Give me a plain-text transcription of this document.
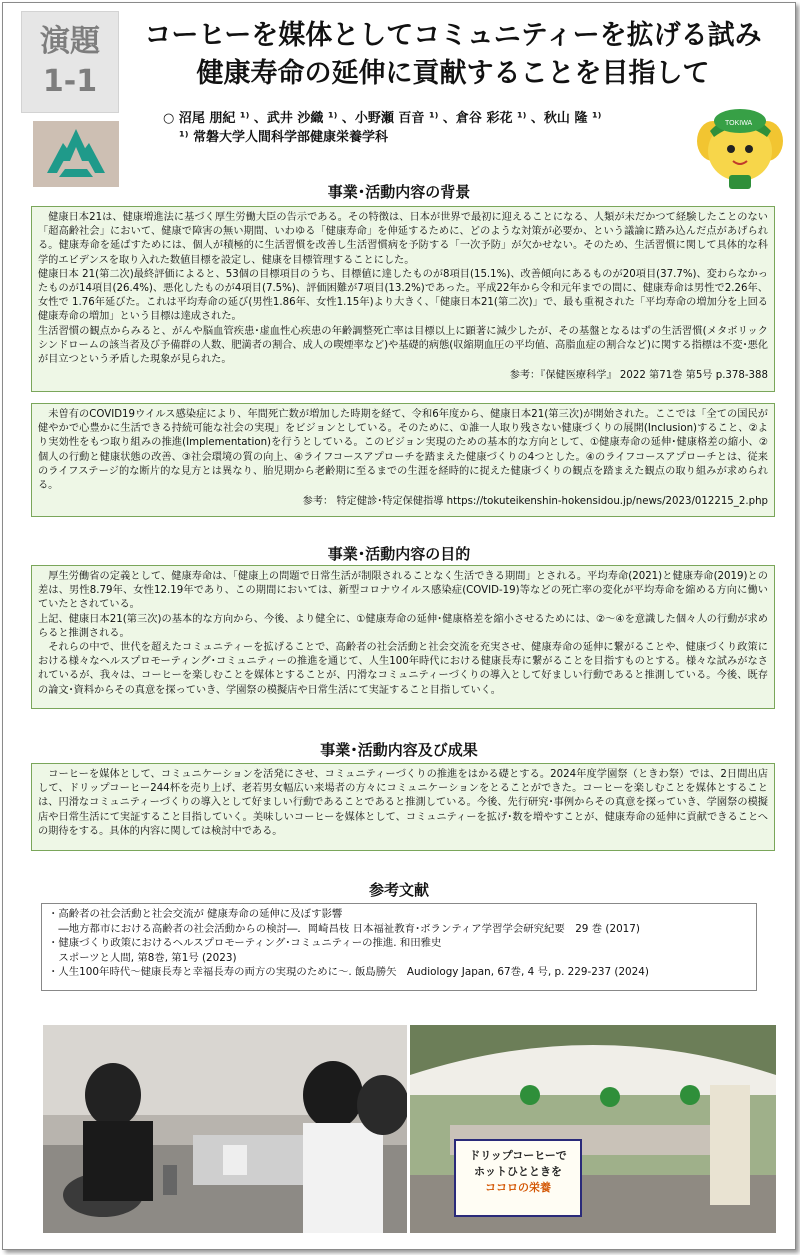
演題
1-1
コーヒーを媒体としてコミュニティーを拡げる試み
健康寿命の延伸に貢献することを目指して
○ 沼尾 朋紀 ¹⁾ 、武井 沙織 ¹⁾ 、小野瀬 百音 ¹⁾ 、倉谷 彩花 ¹⁾ 、秋山 隆 ¹⁾
¹⁾ 常磐大学人間科学部健康栄養学科
TOKIWA
事業･活動内容の背景

健康日本21は、健康増進法に基づく厚生労働大臣の告示である。その特徴は、日本が世界で最初に迎えることになる、人類が未だかつて経験したことのない「超高齢社会」において、健康で障害の無い期間、いわゆる「健康寿命」を伸延するために、どのような対策が必要か、という議論に踏み込んだ点があげられる。健康寿命を延ばすためには、個人が積極的に生活習慣を改善し生活習慣病を予防する「一次予防」が欠かせない。そのため、生活習慣に関して具体的な科学的エビデンスを取り入れた数値目標を設定し、健康を目標管理することにした。

健康日本 21(第二次)最終評価によると、53個の目標項目のうち、目標値に達したものが8項目(15.1%)、改善傾向にあるものが20項目(37.7%)、変わらなかったものが14項目(26.4%)、悪化したものが4項目(7.5%)、評価困難が7項目(13.2%)であった。平成22年から令和元年までの間に、健康寿命は男性で2.26年、女性で 1.76年延びた。これは平均寿命の延び(男性1.86年、女性1.15年)より大きく、「健康日本21(第二次)」で、最も重視された「平均寿命の増加分を上回る健康寿命の増加」という目標は達成された。

生活習慣の観点からみると、がんや脳血管疾患･虚血性心疾患の年齢調整死亡率は目標以上に顕著に減少したが、その基盤となるはずの生活習慣(メタボリックシンドロームの該当者及び予備群の人数、肥満者の割合、成人の喫煙率など)や基礎的病態(収縮期血圧の平均値、高脂血症の割合など)に関する指標は不変･悪化が目立つという矛盾した現象が見られた。

参考：『保健医療科学』 2022 第71巻 第5号 p.378-388

未曽有のCOVID19ウイルス感染症により、年間死亡数が増加した時期を経て、令和6年度から、健康日本21(第三次)が開始された。ここでは「全ての国民が健やかで心豊かに生活できる持続可能な社会の実現」をビジョンとしている。そのために、①誰一人取り残さない健康づくりの展開(Inclusion)すること、②より実効性をもつ取り組みの推進(Implementation)を行うとしている。このビジョン実現のための基本的な方向として、①健康寿命の延伸･健康格差の縮小、②個人の行動と健康状態の改善、③社会環境の質の向上、④ライフコースアプローチを踏まえた健康づくりの4つとした。④のライフコースアプローチとは、従来のライフステージ的な断片的な見方とは異なり、胎児期から老齢期に至るまでの生涯を経時的に捉えた健康づくりの観点を踏まえた観点の取り組みが求められる。

参考： 特定健診･特定保健指導 https://tokuteikenshin-hokensidou.jp/news/2023/012215_2.php

事業･活動内容の目的

厚生労働省の定義として、健康寿命は、「健康上の問題で日常生活が制限されることなく生活できる期間」とされる。平均寿命(2021)と健康寿命(2019)との差は、男性8.79年、女性12.19年であり、この期間においては、新型コロナウイルス感染症(COVID-19)等などの死亡率の変化が平均寿命を縮める方向に働いていたとされている。

上記、健康日本21(第三次)の基本的な方向から、今後、より健全に、①健康寿命の延伸･健康格差を縮小させるためには、②～④を意識した個々人の行動が求めらると推測される。

それらの中で、世代を超えたコミュニティーを拡げることで、高齢者の社会活動と社会交流を充実させ、健康寿命の延伸に繋がることや、健康づくり政策における様々なヘルスプロモーティング･コミュニティーの推進を通じて、人生100年時代における健康長寿に繋がることを目指すものとする。様々な試みがなされているが、我々は、コーヒーを楽しむことを媒体とすることが、円滑なコミュニティーづくりの導入として好ましい行動であると推測している。今後、既存の論文･資料からその真意を探っていき、学園祭の模擬店や日常生活にて実証すること目指していく。

事業･活動内容及び成果

コーヒーを媒体として、コミュニケーションを活発にさせ、コミュニティーづくりの推進をはかる礎とする。2024年度学園祭（ときわ祭）では、2日間出店して、ドリップコーヒー244杯を売り上げ、老若男女幅広い来場者の方々にコミュニケーションをとることができた。コーヒーを楽しむことを媒体とすることは、円滑なコミュニティーづくりの導入として好ましい行動であることであると推測している。今後、先行研究･事例からその真意を探っていき、学園祭の模擬店や日常生活にて実証すること目指していく。美味しいコーヒーを媒体として、コミュニティーを拡げ･数を増やすことが、健康寿命の延伸に貢献できることへの期待をする。具体的内容に関しては検討中である。

参考文献

・高齢者の社会活動と社会交流が 健康寿命の延伸に及ぼす影響

　―地方都市における高齢者の社会活動からの検討―．岡崎昌枝 日本福祉教育･ボランティア学習学会研究紀要　29 巻 (2017)

・健康づくり政策におけるヘルスプロモーティング･コミュニティーの推進. 和田雅史

　スポーツと人間, 第8巻, 第1号 (2023)

・人生100年時代～健康長寿と幸福長寿の両方の実現のために～. 飯島勝矢　Audiology Japan, 67巻, 4 号, p. 229-237 (2024)

ドリップコーヒーで
ホットひとときを
ココロの栄養
